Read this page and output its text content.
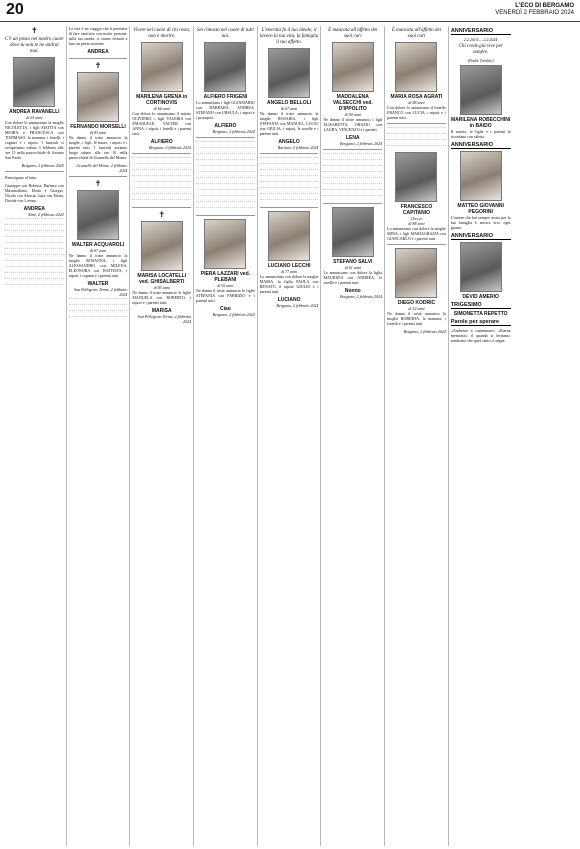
20	L'ECO DI BERGAMO
VENERDÌ 2 FEBBRAIO 2024
✝
C'è un posto nel nostro cuore dove tu non te ne andrai mai.
ANDREA RAVANELLI
di 63 anni
Con dolore lo annunciano la moglie NICOLETTA, i figli MATTIA con MOIRA e FRANCESCA con TOMMASO, la mamma, i fratelli, i cognati e i nipoti. I funerali si svolgeranno sabato 3 febbraio alle ore 15 nella parrocchiale di Azzano San Paolo.
Bergamo, 2 febbraio 2024
Partecipano al lutto:
Giuseppe con Roberta, Barbara con Massimiliano, Elena e Giorgio, Nicola con Alessia, Gaia con Elena, Davide con Lorena.
ANDREA
Almè, 2 febbraio 2024
La vita è un viaggio che ti permette di fare amicizia con molte persone: sulla tua strada, ci siamo fermati a fare un pezzo insieme.
ANDREA
✝
FERNANDO MORSELLI
di 83 anni
Ne danno il triste annuncio la moglie, i figli, le nuore, i nipoti e i parenti tutti. I funerali avranno luogo sabato alle ore 10 nella parrocchiale di Grumello del Monte.
Grumello del Monte, 2 febbraio 2024
✝
WALTER ACQUAROLI
di 67 anni
Ne danno il triste annuncio la moglie ROSANNA, i figli ALESSANDRO con MILENA, ELEONORA con BATTISTA, i nipoti, i cognati e i parenti tutti.
WALTER
San Pellegrino Terme, 2 febbraio 2024
Vivere nel cuore di chi resta, non è morire.
MARILENA GRENA in CORTINOVIS
di 66 anni
Con dolore lo annunciano il marito OLIVIERO, i figli VALERIA con EMANUELE, VALTER con ANNA, i nipoti, i fratelli e i parenti tutti.
ALFIERO
Bergamo, 2 febbraio 2024
✝
MARISA LOCATELLI ved. GHISALBERTI
di 85 anni
Ne danno il triste annuncio le figlie MANUELA con ROBERTO, i nipoti e i parenti tutti.
MARISA
San Pellegrino Terme, 2 febbraio 2024
Sei rimasto nel cuore di tutti noi.
ALFIERO FRIGENI
Lo annunciano i figli GIANMARIO con BARBARA, ANDREA, STEFANO con URSULA, i nipoti e i pronipoti.
ALFIERO
Bergamo, 2 febbraio 2024
PIERA LAZZARI ved. PLEBANI
di 92 anni
Ne danno il triste annuncio le figlie STEFANIA con FABRIZIO e i parenti tutti.
Ciao
Bergamo, 2 febbraio 2024
L'eternità fu il tuo ideale, il lavoro la tua vita, la famiglia il tuo affetto.
ANGELO BELLOLI
di 67 anni
Ne danno il triste annuncio la moglie ROSARIA, i figli STEFANIA con MANUEL, LUCIO con GIULIA, i nipoti, le sorelle e i parenti tutti.
ANGELO
Bariano, 2 febbraio 2024
LUCIANO LECCHI
di 77 anni
Lo annunciano con dolore la moglie MARIA, la figlia PAOLA con RENATO, il nipote GIULIO e i parenti tutti.
LUCIANO
Bergamo, 2 febbraio 2024
È mancata all'affetto dei suoi cari
MADDALENA VALSECCHI ved. D'IPPOLITO
di 90 anni
Ne danno il triste annuncio i figli ELISABETTA, ORAZIO con LAURA, VINCENZO e i parenti.
LENA
Bergamo, 2 febbraio 2024
STEFANO SALVI
di 61 anni
Lo annunciano con dolore la figlia MAURIZIA con ANDREA, le sorelle e i parenti tutti.
Nonno
Bergamo, 2 febbraio 2024
È mancata all'affetto dei suoi cari
MARIA ROSA AGRATI
di 88 anni
Con dolore lo annunciano il fratello FRANCO con LUCIA, i nipoti e i parenti tutti.
FRANCESCO CAPITANIO
Checco
di 88 anni
Lo annunciano con dolore la moglie MINA, i figli MARIAGRAZIA con GIANCARLO e i parenti tutti.
DIEGO KODRIC
di 52 anni
Ne danno il triste annuncio la moglie ROBERTA, la mamma, i fratelli e i parenti tutti.
Bergamo, 2 febbraio 2024
ANNIVERSARIO
2.2.2014 — 2.2.2024
Chi crede già vive per sempre.
(Padre Turoldo)
MARILENA ROBECCHINI in BAIDO
Il marito, le figlie e i parenti la ricordano con affetto.
ANNIVERSARIO
MATTEO GIOVANNI PEGORINI
L'amore che hai sempre avuto per la tua famiglia è ancora vivo ogni giorno.
ANNIVERSARIO
DEVID AMERIO
TRIGESIMO
SIMONETTA REPETTO
Parole per sperare
«Andremo a camminare» «Eterna memoria»: il quando si fermano, sembrano che quel canto ci segue.
